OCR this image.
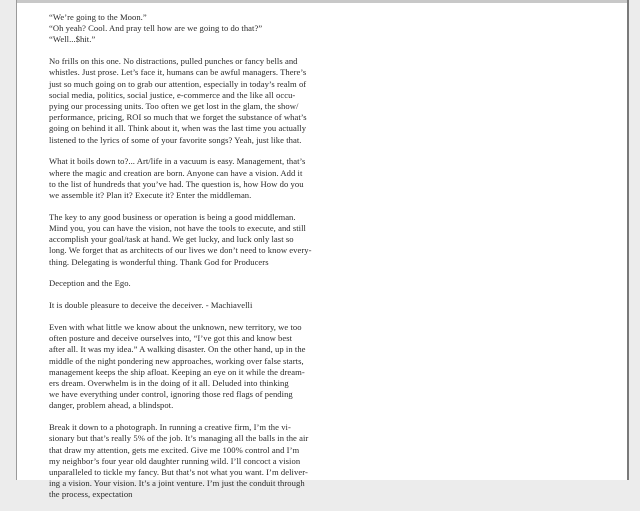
“We’re going to the Moon.”
“Oh yeah? Cool. And pray tell how are we going to do that?”
“Well...$hit.”

No frills on this one. No distractions, pulled punches or fancy bells and
whistles. Just prose. Let’s face it, humans can be awful managers. There’s
just so much going on to grab our attention, especially in today’s realm of
social media, politics, social justice, e-commerce and the like all occu-
pying our processing units. Too often we get lost in the glam, the show/
performance, pricing, ROI so much that we forget the substance of what’s
going on behind it all. Think about it, when was the last time you actually
listened to the lyrics of some of your favorite songs? Yeah, just like that.

What it boils down to?... Art/life in a vacuum is easy. Management, that’s
where the magic and creation are born. Anyone can have a vision. Add it
to the list of hundreds that you’ve had. The question is, how How do you
we assemble it? Plan it? Execute it? Enter the middleman.

The key to any good business or operation is being a good middleman.
Mind you, you can have the vision, not have the tools to execute, and still
accomplish your goal/task at hand. We get lucky, and luck only last so
long. We forget that as architects of our lives we don’t need to know every-
thing. Delegating is wonderful thing. Thank God for Producers

Deception and the Ego.

It is double pleasure to deceive the deceiver. - Machiavelli

Even with what little we know about the unknown, new territory, we too
often posture and deceive ourselves into, “I’ve got this and know best
after all. It was my idea.” A walking disaster. On the other hand, up in the
middle of the night pondering new approaches, working over false starts,
management keeps the ship afloat. Keeping an eye on it while the dream-
ers dream. Overwhelm is in the doing of it all. Deluded into thinking
we have everything under control, ignoring those red flags of pending
danger, problem ahead, a blindspot.

Break it down to a photograph. In running a creative firm, I’m the vi-
sionary but that’s really 5% of the job. It’s managing all the balls in the air
that draw my attention, gets me excited. Give me 100% control and I’m
my neighbor’s four year old daughter running wild. I’ll concoct a vision
unparalleled to tickle my fancy. But that’s not what you want. I’m deliver-
ing a vision. Your vision. It’s a joint venture. I’m just the conduit through
the process, expectation
